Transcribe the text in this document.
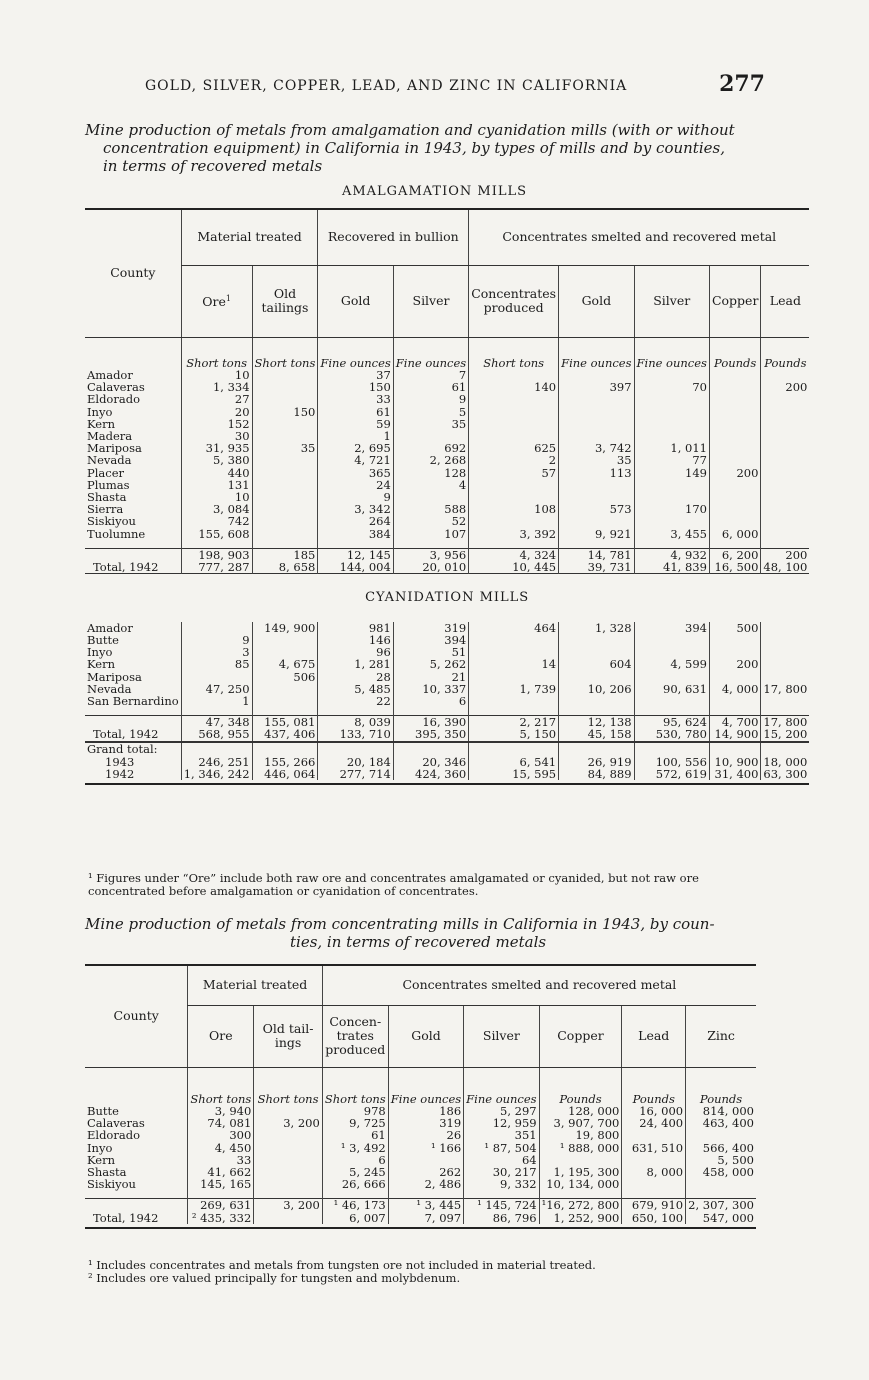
GOLD, SILVER, COPPER, LEAD, AND ZINC IN CALIFORNIA	277
Mine production of metals from amalgamation and cyanidation mills (with or without
concentration equipment) in California in 1943, by types of mills and by counties,
in terms of recovered metals
AMALGAMATION MILLS
County	Material treated		Recovered in bullion		Concentrates smelted and recovered metal				
	Ore$^1$	Old tailings	Gold	Silver	Concentrates produced	Gold	Silver	Copper	Lead
	Short tons	Short tons	Fine ounces	Fine ounces	Short tons	Fine ounces	Fine ounces	Pounds	Pounds
Amador	10		37	7					
Calaveras	1, 334		150	61	140	397	70		200
Eldorado	27		33	9					
Inyo	20	150	61	5					
Kern	152		59	35					
Madera	30		1						
Mariposa	31, 935	35	2, 695	692	625	3, 742	1, 011		
Nevada	5, 380		4, 721	2, 268	2	35	77		
Placer	440		365	128	57	113	149	200	
Plumas	131		24	4					
Shasta	10		9						
Sierra	3, 084		3, 342	588	108	573	170		
Siskiyou	742		264	52					
Tuolumne	155, 608		384	107	3, 392	9, 921	3, 455	6, 000	

	198, 903	185	12, 145	3, 956	4, 324	14, 781	4, 932	6, 200	200
Total, 1942	777, 287	8, 658	144, 004	20, 010	10, 445	39, 731	41, 839	16, 500	48, 100
CYANIDATION MILLS									
Amador		149, 900	981	319	464	1, 328	394	500	
Butte	9		146	394					
Inyo	3		96	51					
Kern	85	4, 675	1, 281	5, 262	14	604	4, 599	200	
Mariposa		506	28	21					
Nevada	47, 250		5, 485	10, 337	1, 739	10, 206	90, 631	4, 000	17, 800
San Bernardino	1		22	6					

	47, 348	155, 081	8, 039	16, 390	2, 217	12, 138	95, 624	4, 700	17, 800
Total, 1942	568, 955	437, 406	133, 710	395, 350	5, 150	45, 158	530, 780	14, 900	15, 200
Grand total:									
1943	246, 251	155, 266	20, 184	20, 346	6, 541	26, 919	100, 556	10, 900	18, 000
1942	1, 346, 242	446, 064	277, 714	424, 360	15, 595	84, 889	572, 619	31, 400	63, 300

¹ Figures under “Ore” include both raw ore and concentrates amalgamated or cyanided, but not raw ore
concentrated before amalgamation or cyanidation of concentrates.
Mine production of metals from concentrating mills in California in 1943, by coun-
ties, in terms of recovered metals
County	Material treated		Concentrates smelted and recovered metal					
	Ore	Old tail-ings	Concen-trates produced	Gold	Silver	Copper	Lead	Zinc
	Short tons	Short tons	Short tons	Fine ounces	Fine ounces	Pounds	Pounds	Pounds
Butte	3, 940		978	186	5, 297	128, 000	16, 000	814, 000
Calaveras	74, 081	3, 200	9, 725	319	12, 959	3, 907, 700	24, 400	463, 400
Eldorado	300		61	26	351	19, 800		
Inyo	4, 450		¹ 3, 492	¹ 166	¹ 87, 504	¹ 888, 000	631, 510	566, 400
Kern	33		6		64			5, 500
Shasta	41, 662		5, 245	262	30, 217	1, 195, 300	8, 000	458, 000
Siskiyou	145, 165		26, 666	2, 486	9, 332	10, 134, 000		

	269, 631	3, 200	¹ 46, 173	¹ 3, 445	¹ 145, 724	¹16, 272, 800	679, 910	2, 307, 300
Total, 1942	² 435, 332		6, 007	7, 097	86, 796	1, 252, 900	650, 100	547, 000

¹ Includes concentrates and metals from tungsten ore not included in material treated.
² Includes ore valued principally for tungsten and molybdenum.
